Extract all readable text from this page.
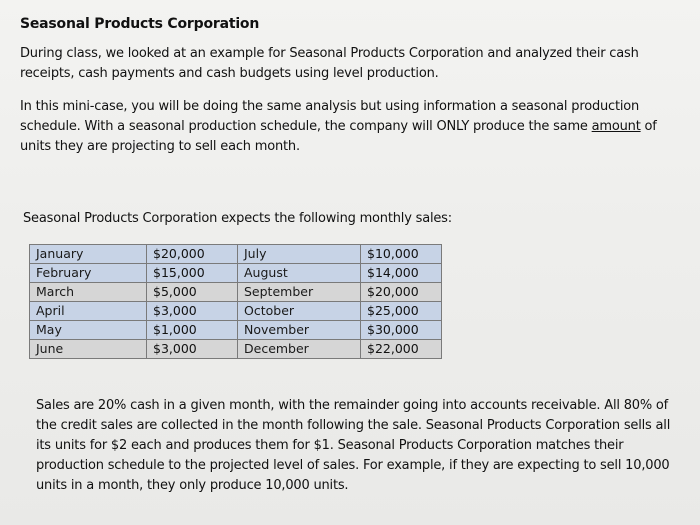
Seasonal Products Corporation
During class, we looked at an example for Seasonal Products Corporation and analyzed their cash receipts, cash payments and cash budgets using level production.
In this mini-case, you will be doing the same analysis but using information a seasonal production schedule. With a seasonal production schedule, the company will ONLY produce the same amount of units they are projecting to sell each month.
Seasonal Products Corporation expects the following monthly sales:
January	$20,000	July	$10,000
February	$15,000	August	$14,000
March	$5,000	September	$20,000
April	$3,000	October	$25,000
May	$1,000	November	$30,000
June	$3,000	December	$22,000
Sales are 20% cash in a given month, with the remainder going into accounts receivable. All 80% of the credit sales are collected in the month following the sale. Seasonal Products Corporation sells all its units for $2 each and produces them for $1. Seasonal Products Corporation matches their production schedule to the projected level of sales. For example, if they are expecting to sell 10,000 units in a month, they only produce 10,000 units.
